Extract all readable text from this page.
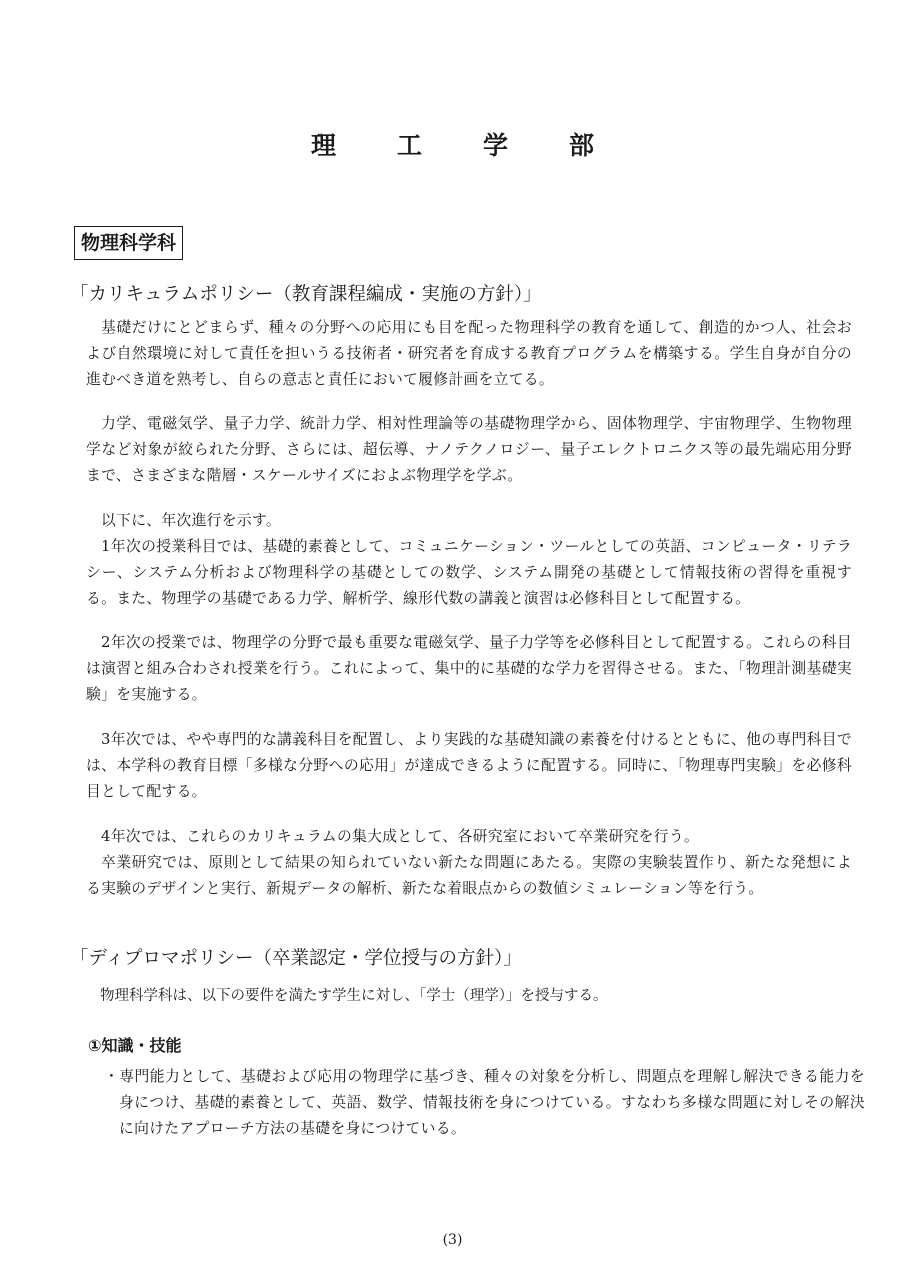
理　工　学　部
物理科学科
「カリキュラムポリシー（教育課程編成・実施の方針）」

基礎だけにとどまらず、種々の分野への応用にも目を配った物理科学の教育を通して、創造的かつ人、社会および自然環境に対して責任を担いうる技術者・研究者を育成する教育プログラムを構築する。学生自身が自分の進むべき道を熟考し、自らの意志と責任において履修計画を立てる。

力学、電磁気学、量子力学、統計力学、相対性理論等の基礎物理学から、固体物理学、宇宙物理学、生物物理学など対象が絞られた分野、さらには、超伝導、ナノテクノロジー、量子エレクトロニクス等の最先端応用分野まで、さまざまな階層・スケールサイズにおよぶ物理学を学ぶ。

以下に、年次進行を示す。

1年次の授業科目では、基礎的素養として、コミュニケーション・ツールとしての英語、コンピュータ・リテラシー、システム分析および物理科学の基礎としての数学、システム開発の基礎として情報技術の習得を重視する。また、物理学の基礎である力学、解析学、線形代数の講義と演習は必修科目として配置する。

2年次の授業では、物理学の分野で最も重要な電磁気学、量子力学等を必修科目として配置する。これらの科目は演習と組み合わされ授業を行う。これによって、集中的に基礎的な学力を習得させる。また、「物理計測基礎実験」を実施する。

3年次では、やや専門的な講義科目を配置し、より実践的な基礎知識の素養を付けるとともに、他の専門科目では、本学科の教育目標「多様な分野への応用」が達成できるように配置する。同時に、「物理専門実験」を必修科目として配する。

4年次では、これらのカリキュラムの集大成として、各研究室において卒業研究を行う。

卒業研究では、原則として結果の知られていない新たな問題にあたる。実際の実験装置作り、新たな発想による実験のデザインと実行、新規データの解析、新たな着眼点からの数値シミュレーション等を行う。

「ディプロマポリシー（卒業認定・学位授与の方針）」

物理科学科は、以下の要件を満たす学生に対し、「学士（理学）」を授与する。

①知識・技能

・専門能力として、基礎および応用の物理学に基づき、種々の対象を分析し、問題点を理解し解決できる能力を身につけ、基礎的素養として、英語、数学、情報技術を身につけている。すなわち多様な問題に対しその解決に向けたアプローチ方法の基礎を身につけている。

(3)
